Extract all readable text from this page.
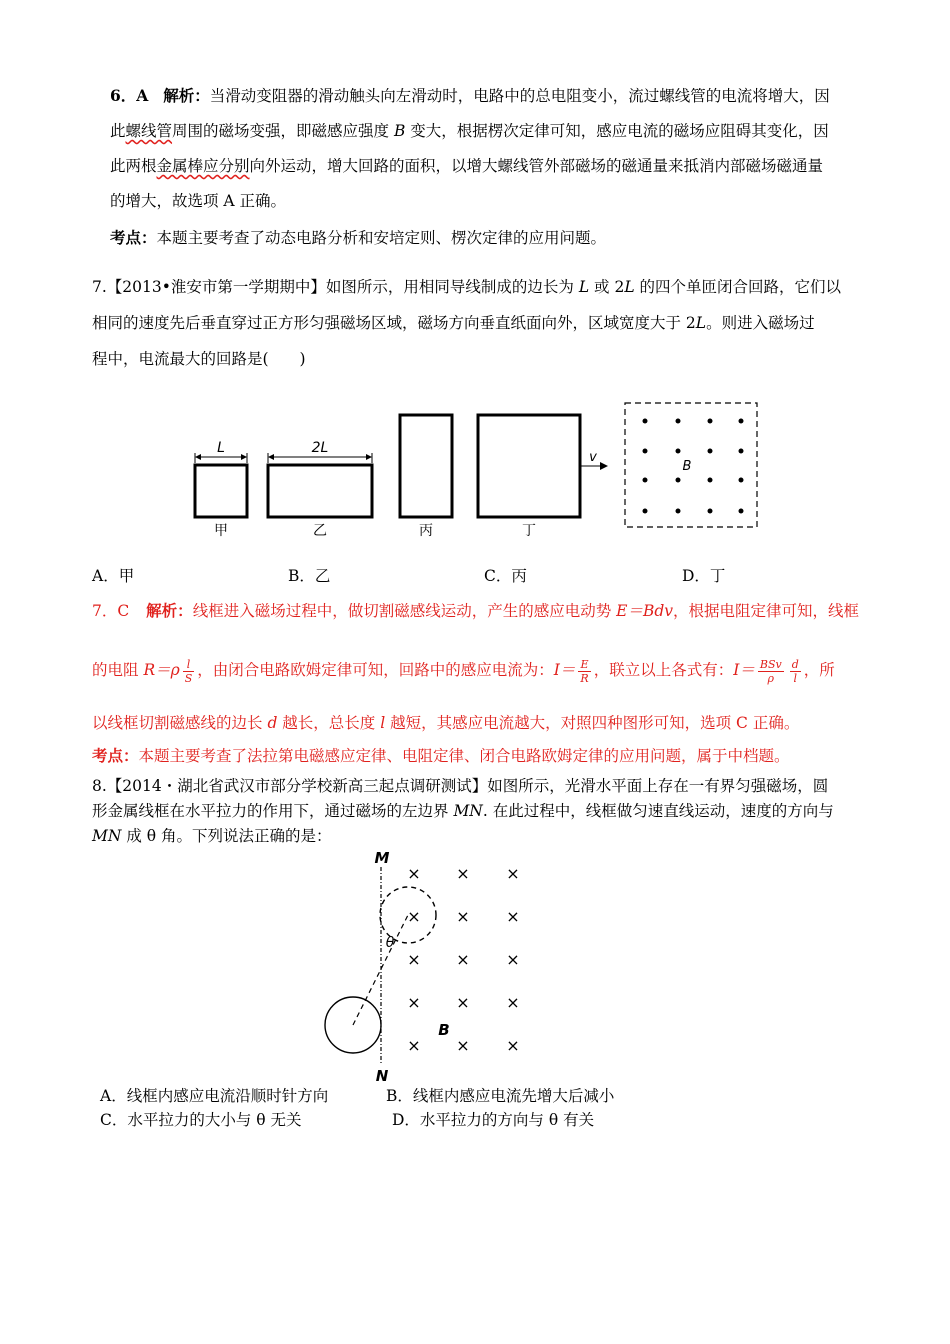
6．A 解析：当滑动变阻器的滑动触头向左滑动时，电路中的总电阻变小，流过螺线管的电流将增大，因
此螺线管周围的磁场变强，即磁感应强度 B 变大，根据楞次定律可知，感应电流的磁场应阻碍其变化，因
此两根金属棒应分别向外运动，增大回路的面积，以增大螺线管外部磁场的磁通量来抵消内部磁场磁通量
的增大，故选项 A 正确。
考点：本题主要考查了动态电路分析和安培定则、楞次定律的应用问题。
7.【2013•淮安市第一学期期中】如图所示，用相同导线制成的边长为 L 或 2L 的四个单匝闭合回路，它们以
相同的速度先后垂直穿过正方形匀强磁场区域，磁场方向垂直纸面向外，区域宽度大于 2L。则进入磁场过
程中，电流最大的回路是(　　)
L
甲
2L
乙	丙
v
丁
B
A．甲	B．乙	C．丙	D．丁
7．C 解析：线框进入磁场过程中，做切割磁感线运动，产生的感应电动势 E＝Bdv，根据电阻定律可知，线框
的电阻 $R=\rho \frac{l}{S}$ ，由闭合电路欧姆定律可知，回路中的感应电流为：$I= \frac{E}{R}$ ，联立以上各式有：$I= \frac{\text{BSv}}{\rho} \frac{d}{l}$ ，所
以线框切割磁感线的边长 d 越长，总长度 l 越短，其感应电流越大，对照四种图形可知，选项 C 正确。
考点：本题主要考查了法拉第电磁感应定律、电阻定律、闭合电路欧姆定律的应用问题，属于中档题。
8.【2014・湖北省武汉市部分学校新高三起点调研测试】如图所示，光滑水平面上存在一有界匀强磁场，圆
形金属线框在水平拉力的作用下，通过磁场的左边界 MN. 在此过程中，线框做匀速直线运动，速度的方向与
MN 成 θ 角。下列说法正确的是：
M
N
× × ×
× × ×
× × ×
× × ×
× × ×
θ
B
A．线框内感应电流沿顺时针方向	B．线框内感应电流先增大后减小
C．水平拉力的大小与 θ 无关	D．水平拉力的方向与 θ 有关
